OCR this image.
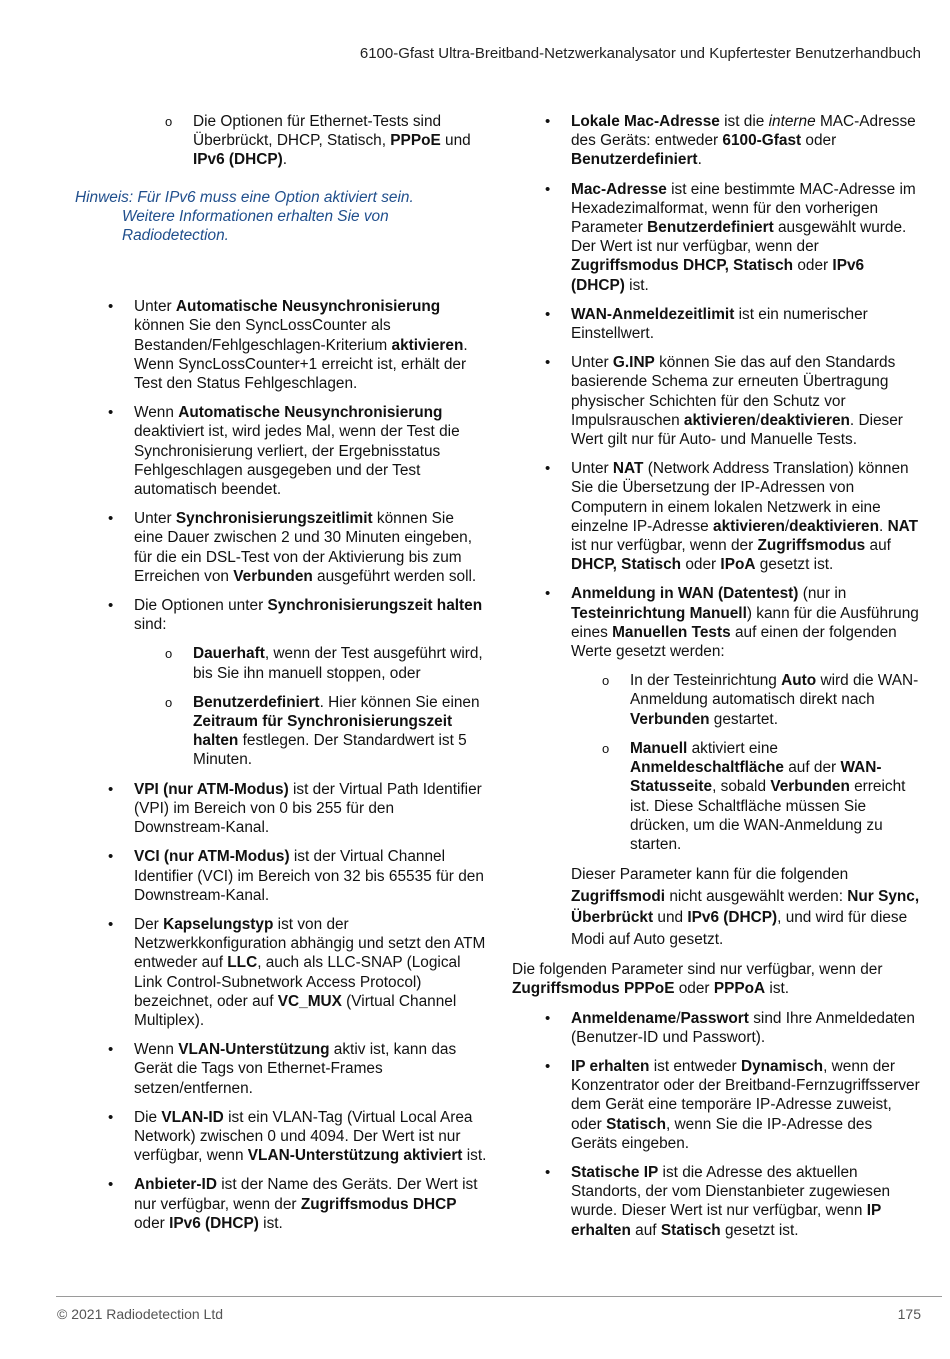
6100-Gfast Ultra-Breitband-Netzwerkanalysator und Kupfertester Benutzerhandbuch
o Die Optionen für Ethernet-Tests sind Überbrückt, DHCP, Statisch, PPPoE und IPv6 (DHCP).
Hinweis: Für IPv6 muss eine Option aktiviert sein.
Weitere Informationen erhalten Sie von Radiodetection.
• Unter Automatische Neusynchronisierung können Sie den SyncLossCounter als Bestanden/Fehlgeschlagen-Kriterium aktivieren. Wenn SyncLossCounter+1 erreicht ist, erhält der Test den Status Fehlgeschlagen.
• Wenn Automatische Neusynchronisierung deaktiviert ist, wird jedes Mal, wenn der Test die Synchronisierung verliert, der Ergebnisstatus Fehlgeschlagen ausgegeben und der Test automatisch beendet.
• Unter Synchronisierungszeitlimit können Sie eine Dauer zwischen 2 und 30 Minuten eingeben, für die ein DSL-Test von der Aktivierung bis zum Erreichen von Verbunden ausgeführt werden soll.
• Die Optionen unter Synchronisierungszeit halten sind:
o Dauerhaft, wenn der Test ausgeführt wird, bis Sie ihn manuell stoppen, oder
o Benutzerdefiniert. Hier können Sie einen Zeitraum für Synchronisierungszeit halten festlegen. Der Standardwert ist 5 Minuten.
• VPI (nur ATM-Modus) ist der Virtual Path Identifier (VPI) im Bereich von 0 bis 255 für den Downstream-Kanal.
• VCI (nur ATM-Modus) ist der Virtual Channel Identifier (VCI) im Bereich von 32 bis 65535 für den Downstream-Kanal.
• Der Kapselungstyp ist von der Netzwerkkonfiguration abhängig und setzt den ATM entweder auf LLC, auch als LLC-SNAP (Logical Link Control-Subnetwork Access Protocol) bezeichnet, oder auf VC_MUX (Virtual Channel Multiplex).
• Wenn VLAN-Unterstützung aktiv ist, kann das Gerät die Tags von Ethernet-Frames setzen/entfernen.
• Die VLAN-ID ist ein VLAN-Tag (Virtual Local Area Network) zwischen 0 und 4094. Der Wert ist nur verfügbar, wenn VLAN-Unterstützung aktiviert ist.
• Anbieter-ID ist der Name des Geräts. Der Wert ist nur verfügbar, wenn der Zugriffsmodus DHCP oder IPv6 (DHCP) ist.
• Lokale Mac-Adresse ist die interne MAC-Adresse des Geräts: entweder 6100-Gfast oder Benutzerdefiniert.
• Mac-Adresse ist eine bestimmte MAC-Adresse im Hexadezimalformat, wenn für den vorherigen Parameter Benutzerdefiniert ausgewählt wurde. Der Wert ist nur verfügbar, wenn der Zugriffsmodus DHCP, Statisch oder IPv6 (DHCP) ist.
• WAN-Anmeldezeitlimit ist ein numerischer Einstellwert.
• Unter G.INP können Sie das auf den Standards basierende Schema zur erneuten Übertragung physischer Schichten für den Schutz vor Impulsrauschen aktivieren/deaktivieren. Dieser Wert gilt nur für Auto- und Manuelle Tests.
• Unter NAT (Network Address Translation) können Sie die Übersetzung der IP-Adressen von Computern in einem lokalen Netzwerk in eine einzelne IP-Adresse aktivieren/deaktivieren. NAT ist nur verfügbar, wenn der Zugriffsmodus auf DHCP, Statisch oder IPoA gesetzt ist.
• Anmeldung in WAN (Datentest) (nur in Testeinrichtung Manuell) kann für die Ausführung eines Manuellen Tests auf einen der folgenden Werte gesetzt werden:
o In der Testeinrichtung Auto wird die WAN-Anmeldung automatisch direkt nach Verbunden gestartet.
o Manuell aktiviert eine Anmeldeschaltfläche auf der WAN-Statusseite, sobald Verbunden erreicht ist. Diese Schaltfläche müssen Sie drücken, um die WAN-Anmeldung zu starten.
Dieser Parameter kann für die folgenden Zugriffsmodi nicht ausgewählt werden: Nur Sync, Überbrückt und IPv6 (DHCP), und wird für diese Modi auf Auto gesetzt.
Die folgenden Parameter sind nur verfügbar, wenn der Zugriffsmodus PPPoE oder PPPoA ist.
• Anmeldename/Passwort sind Ihre Anmeldedaten (Benutzer-ID und Passwort).
• IP erhalten ist entweder Dynamisch, wenn der Konzentrator oder der Breitband-Fernzugriffsserver dem Gerät eine temporäre IP-Adresse zuweist, oder Statisch, wenn Sie die IP-Adresse des Geräts eingeben.
• Statische IP ist die Adresse des aktuellen Standorts, der vom Dienstanbieter zugewiesen wurde. Dieser Wert ist nur verfügbar, wenn IP erhalten auf Statisch gesetzt ist.
© 2021 Radiodetection Ltd	175
